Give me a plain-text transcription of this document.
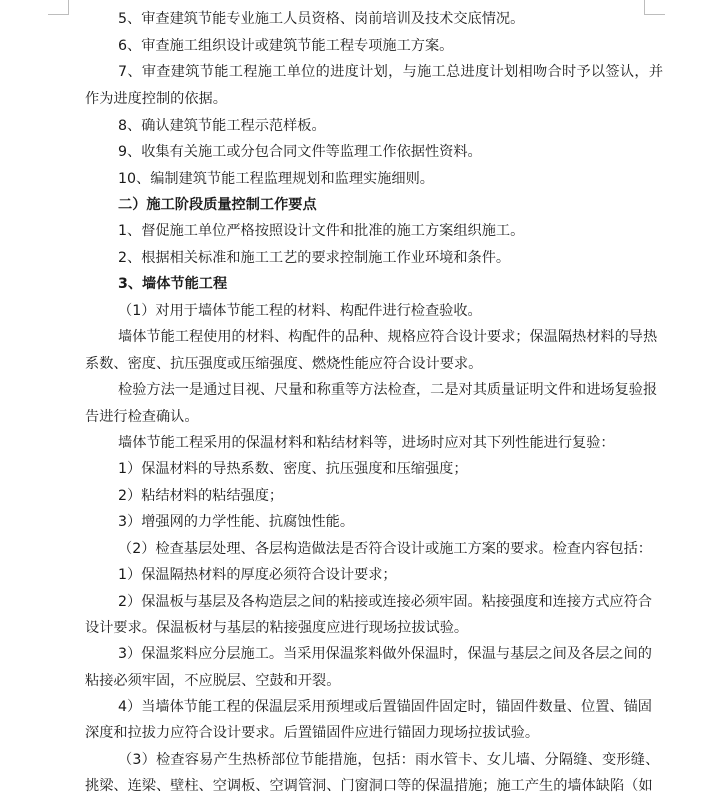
5、审查建筑节能专业施工人员资格、岗前培训及技术交底情况。
6、审查施工组织设计或建筑节能工程专项施工方案。
7、审查建筑节能工程施工单位的进度计划，与施工总进度计划相吻合时予以签认，并
作为进度控制的依据。
8、确认建筑节能工程示范样板。
9、收集有关施工或分包合同文件等监理工作依据性资料。
10、编制建筑节能工程监理规划和监理实施细则。
二）施工阶段质量控制工作要点
1、督促施工单位严格按照设计文件和批准的施工方案组织施工。
2、根据相关标准和施工工艺的要求控制施工作业环境和条件。
3、墙体节能工程
（1）对用于墙体节能工程的材料、构配件进行检查验收。
墙体节能工程使用的材料、构配件的品种、规格应符合设计要求；保温隔热材料的导热
系数、密度、抗压强度或压缩强度、燃烧性能应符合设计要求。
检验方法一是通过目视、尺量和称重等方法检查，二是对其质量证明文件和进场复验报
告进行检查确认。
墙体节能工程采用的保温材料和粘结材料等，进场时应对其下列性能进行复验：
1）保温材料的导热系数、密度、抗压强度和压缩强度；
2）粘结材料的粘结强度；
3）增强网的力学性能、抗腐蚀性能。
（2）检查基层处理、各层构造做法是否符合设计或施工方案的要求。检查内容包括：
1）保温隔热材料的厚度必须符合设计要求；
2）保温板与基层及各构造层之间的粘接或连接必须牢固。粘接强度和连接方式应符合
设计要求。保温板材与基层的粘接强度应进行现场拉拔试验。
3）保温浆料应分层施工。当采用保温浆料做外保温时，保温与基层之间及各层之间的
粘接必须牢固，不应脱层、空鼓和开裂。
4）当墙体节能工程的保温层采用预埋或后置锚固件固定时，锚固件数量、位置、锚固
深度和拉拔力应符合设计要求。后置锚固件应进行锚固力现场拉拔试验。
（3）检查容易产生热桥部位节能措施，包括：雨水管卡、女儿墙、分隔缝、变形缝、
挑梁、连梁、壁柱、空调板、空调管洞、门窗洞口等的保温措施；施工产生的墙体缺陷（如
